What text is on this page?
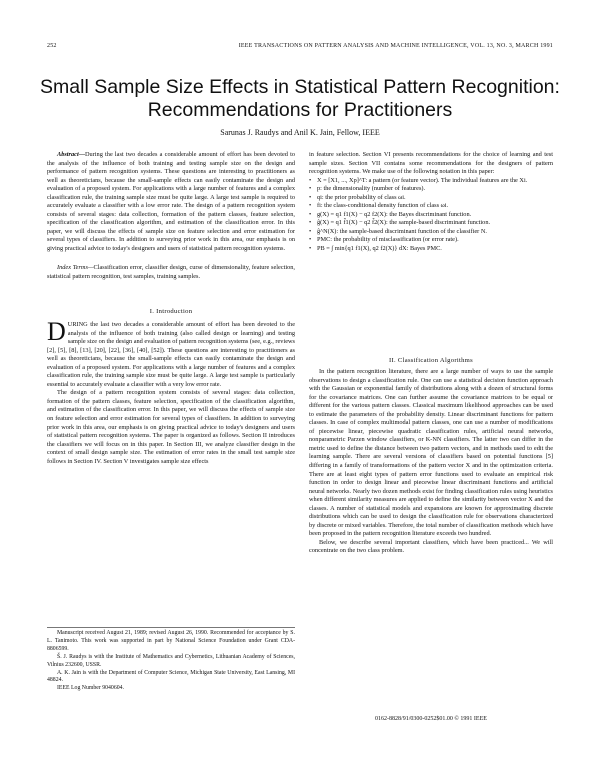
252	IEEE TRANSACTIONS ON PATTERN ANALYSIS AND MACHINE INTELLIGENCE, VOL. 13, NO. 3, MARCH 1991
Small Sample Size Effects in Statistical Pattern Recognition: Recommendations for Practitioners
Sarunas J. Raudys and Anil K. Jain, Fellow, IEEE

Abstract—During the last two decades a considerable amount of effort has been devoted to the analysis of the influence of both training and testing sample size on the design and performance of pattern recognition systems. These questions are interesting to practitioners as well as theoreticians, because the small-sample effects can easily contaminate the design and evaluation of a proposed system. For applications with a large number of features and a complex classification rule, the training sample size must be quite large. A large test sample is required to accurately evaluate a classifier with a low error rate. The design of a pattern recognition system consists of several stages: data collection, formation of the pattern classes, feature selection, specification of the classification algorithm, and estimation of the classification error. In this paper, we will discuss the effects of sample size on feature selection and error estimation for several types of classifiers. In addition to surveying prior work in this area, our emphasis is on giving practical advice to today's designers and users of statistical pattern recognition systems.

Index Terms—Classification error, classifier design, curse of dimensionality, feature selection, statistical pattern recognition, test samples, training samples.

I. Introduction

DURING the last two decades a considerable amount of effort has been devoted to the analysis of the influence of both training (also called design or learning) and testing sample size on the design and evaluation of pattern recognition systems (see, e.g., reviews [2], [5], [8], [13], [20], [22], [36], [40], [52]). These questions are interesting to practitioners as well as theoreticians, because the small-sample effects can easily contaminate the design and evaluation of a proposed system. For applications with a large number of features and a complex classification rule, the training sample size must be quite large. A large test sample is particularly essential to accurately evaluate a classifier with a very low error rate.

The design of a pattern recognition system consists of several stages: data collection, formation of the pattern classes, feature selection, specification of the classification algorithm, and estimation of the classification error. In this paper, we will discuss the effects of sample size on feature selection and error estimation for several types of classifiers. In addition to surveying prior work in this area, our emphasis is on giving practical advice to today's designers and users of statistical pattern recognition systems. The paper is organized as follows. Section II introduces the classifiers we will focus on in this paper. In Section III, we analyze classifier design in the context of small design sample size. The estimation of error rates in the small test sample size follows in Section IV. Section V investigates sample size effects

Manuscript received August 21, 1989; revised August 26, 1990. Recommended for acceptance by S. L. Tanimoto. This work was supported in part by National Science Foundation under Grant CDA-8806599.

Š. J. Raudys is with the Institute of Mathematics and Cybernetics, Lithuanian Academy of Sciences, Vilnius 232600, USSR.

A. K. Jain is with the Department of Computer Science, Michigan State University, East Lansing, MI 48824.

IEEE Log Number 9040604.

in feature selection. Section VI presents recommendations for the choice of learning and test sample sizes. Section VII contains some recommendations for the designers of pattern recognition systems. We make use of the following notation in this paper:

• X = [X1, ..., Xp]^T: a pattern (or feature vector). The individual features are the Xi.
• p: the dimensionality (number of features).
• qi: the prior probability of class ωi.
• fi: the class-conditional density function of class ωi.
• g(X) = q1 f1(X) − q2 f2(X): the Bayes discriminant function.
• ĝ(X) = q1 f̂1(X) − q2 f̂2(X): the sample-based discriminant function.
• ĝ^N(X): the sample-based discriminant function of the classifier N.
• PMC: the probability of misclassification (or error rate).
• PB = ∫ min{q1 f1(X), q2 f2(X)} dX: Bayes PMC.
II. Classification Algorithms

In the pattern recognition literature, there are a large number of ways to use the sample observations to design a classification rule. One can use a statistical decision function approach with the Gaussian or exponential family of distributions along with a dozen of structural forms for the covariance matrices. One can further assume the covariance matrices to be equal or different for the various pattern classes. Classical maximum likelihood approaches can be used to estimate the parameters of the probability density. Linear discriminant functions for pattern classes. In case of complex multimodal pattern classes, one can use a number of modifications of piecewise linear, piecewise quadratic classification rules, artificial neural networks, nonparametric Parzen window classifiers, or K-NN classifiers. The latter two can differ in the metric used to define the distance between two pattern vectors, and in methods used to edit the learning sample. There are several versions of classifiers based on potential functions [5] differing in a family of transformations of the pattern vector X and in the optimization criteria. There are at least eight types of pattern error functions used to evaluate an empirical risk function in order to design linear and piecewise linear discriminant functions and artificial neural networks. Nearly two dozen methods exist for finding classification rules using heuristics when different similarity measures are applied to define the similarity between vector X and the classes. A number of statistical models and expansions are known for approximating discrete distributions which can be used to design the classification rule for observations characterized by discrete or mixed variables. Therefore, the total number of classification methods which have been proposed in the pattern recognition literature exceeds two hundred.

Below, we describe several important classifiers, which have been practiced... We will concentrate on the two class problem.

0162-8828/91/0300-0252$01.00 © 1991 IEEE
